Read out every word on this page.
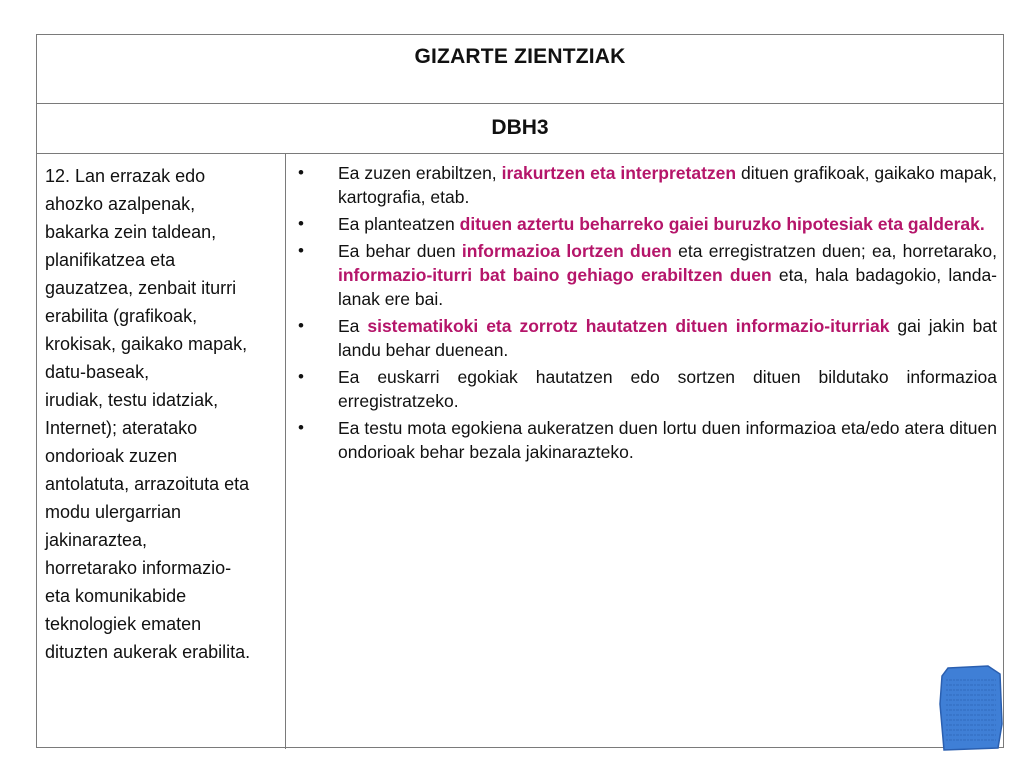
GIZARTE ZIENTZIAK
DBH3

12. Lan errazak edo
ahozko azalpenak,
bakarka zein taldean,
planifikatzea eta
gauzatzea, zenbait iturri
erabilita (grafikoak,
krokisak, gaikako mapak,
datu-baseak,
irudiak, testu idatziak,
Internet); ateratako
ondorioak zuzen
antolatuta, arrazoituta eta
modu ulergarrian
jakinaraztea,
horretarako informazio-
eta komunikabide
teknologiek ematen
dituzten aukerak erabilita.

• Ea zuzen erabiltzen, irakurtzen eta interpretatzen dituen grafikoak, gaikako mapak, kartografia, etab.
• Ea planteatzen dituen aztertu beharreko gaiei buruzko hipotesiak eta galderak.
• Ea behar duen informazioa lortzen duen eta erregistratzen duen; ea, horretarako, informazio-iturri bat baino gehiago erabiltzen duen eta, hala badagokio, landa-lanak ere bai.
• Ea sistematikoki eta zorrotz hautatzen dituen informazio-iturriak gai jakin bat landu behar duenean.
• Ea euskarri egokiak hautatzen edo sortzen dituen bildutako informazioa erregistratzeko.
• Ea testu mota egokiena aukeratzen duen lortu duen informazioa eta/edo atera dituen ondorioak behar bezala jakinarazteko.
